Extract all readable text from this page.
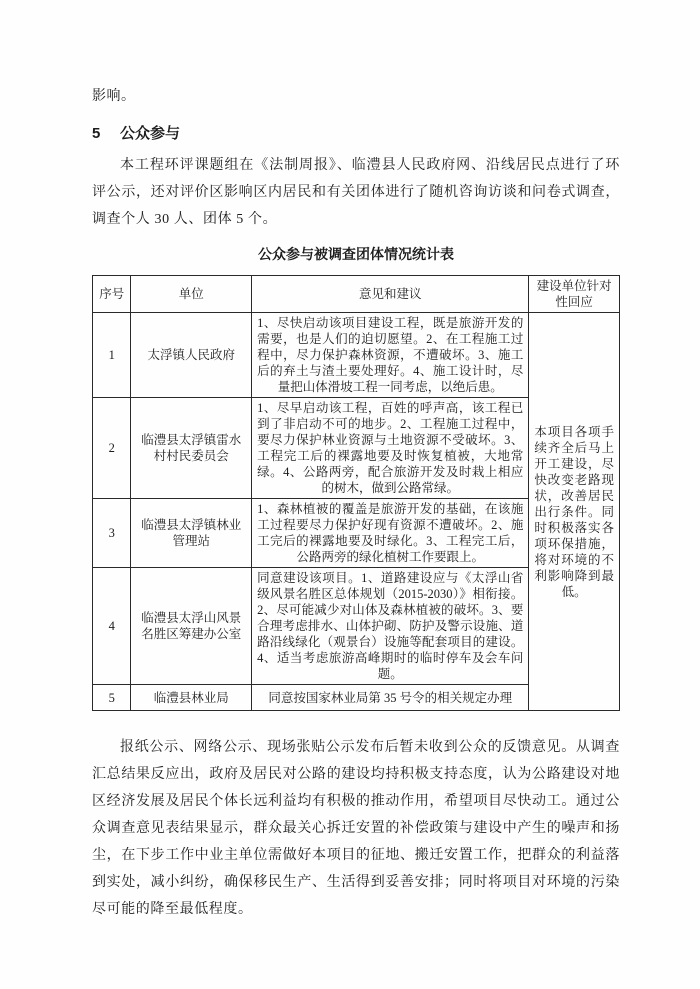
影响。
5 公众参与

本工程环评课题组在《法制周报》、临澧县人民政府网、沿线居民点进行了环评公示，还对评价区影响区内居民和有关团体进行了随机咨询访谈和问卷式调查，调查个人 30 人、团体 5 个。

公众参与被调查团体情况统计表
序号	单位	意见和建议	建设单位针对性回应
1	太浮镇人民政府	1、尽快启动该项目建设工程，既是旅游开发的需要，也是人们的迫切愿望。2、在工程施工过程中，尽力保护森林资源，不遭破坏。3、施工后的弃土与渣土要处理好。4、施工设计时，尽量把山体滑坡工程一同考虑，以绝后患。	本项目各项手续齐全后马上开工建设，尽快改变老路现状，改善居民出行条件。同时积极落实各项环保措施，将对环境的不利影响降到最低。
2	临澧县太浮镇雷水村村民委员会	1、尽早启动该工程，百姓的呼声高，该工程已到了非启动不可的地步。2、工程施工过程中，要尽力保护林业资源与土地资源不受破坏。3、工程完工后的裸露地要及时恢复植被，大地常绿。4、公路两旁，配合旅游开发及时栽上相应的树木，做到公路常绿。	
3	临澧县太浮镇林业管理站	1、森林植被的覆盖是旅游开发的基础，在该施工过程要尽力保护好现有资源不遭破坏。2、施工完后的裸露地要及时绿化。3、工程完工后，公路两旁的绿化植树工作要跟上。	
4	临澧县太浮山风景名胜区筹建办公室	同意建设该项目。1、道路建设应与《太浮山省级风景名胜区总体规划（2015-2030）》相衔接。2、尽可能减少对山体及森林植被的破坏。3、要合理考虑排水、山体护砌、防护及警示设施、道路沿线绿化（观景台）设施等配套项目的建设。4、适当考虑旅游高峰期时的临时停车及会车问题。	
5	临澧县林业局	同意按国家林业局第 35 号令的相关规定办理	

报纸公示、网络公示、现场张贴公示发布后暂未收到公众的反馈意见。从调查汇总结果反应出，政府及居民对公路的建设均持积极支持态度，认为公路建设对地区经济发展及居民个体长远利益均有积极的推动作用，希望项目尽快动工。通过公众调查意见表结果显示，群众最关心拆迁安置的补偿政策与建设中产生的噪声和扬尘，在下步工作中业主单位需做好本项目的征地、搬迁安置工作，把群众的利益落到实处，减小纠纷，确保移民生产、生活得到妥善安排；同时将项目对环境的污染尽可能的降至最低程度。
